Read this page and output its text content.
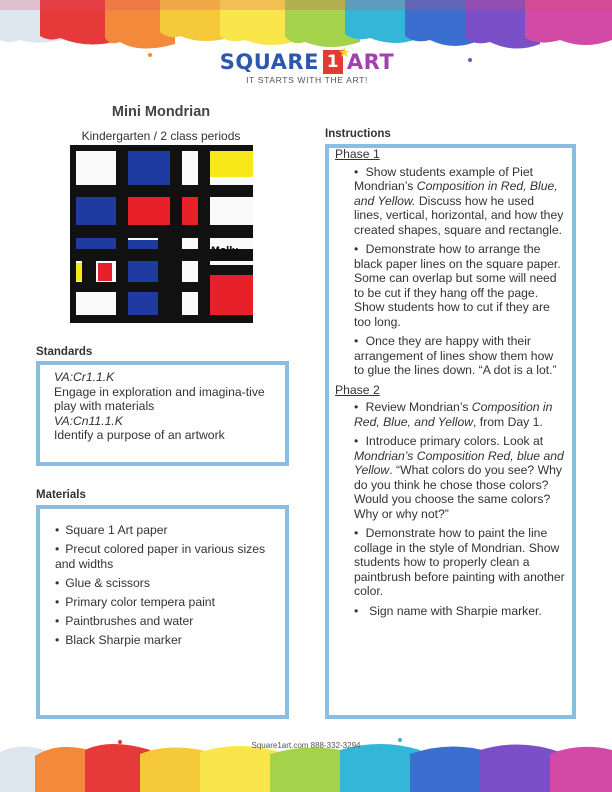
SQUARE 1
★
ART
IT STARTS WITH THE ART!
Mini Mondrian
Kindergarten / 2 class periods
Molly
Standards
VA:Cr1.1.K
Engage in exploration and imagina-tive play with materials
VA:Cn11.1.K
Identify a purpose of an artwork
Materials
• Square 1 Art paper
• Precut colored paper in various sizes and widths
• Glue & scissors
• Primary color tempera paint
• Paintbrushes and water
• Black Sharpie marker
Instructions
Phase 1
• Show students example of Piet Mondrian’s Composition in Red, Blue, and Yellow. Discuss how he used lines, vertical, horizontal, and how they created shapes, square and rectangle.
• Demonstrate how to arrange the black paper lines on the square paper. Some can overlap but some will need to be cut if they hang off the page. Show students how to cut if they are too long.
• Once they are happy with their arrangement of lines show them how to glue the lines down. “A dot is a lot.”
Phase 2
• Review Mondrian’s Composition in Red, Blue, and Yellow, from Day 1.
• Introduce primary colors. Look at Mondrian’s Composition Red, blue and Yellow. “What colors do you see? Why do you think he chose those colors? Would you choose the same colors? Why or why not?”
• Demonstrate how to paint the line collage in the style of Mondrian. Show students how to properly clean a paintbrush before painting with another color.
• Sign name with Sharpie marker.
Square1art.com 888-332-3294
